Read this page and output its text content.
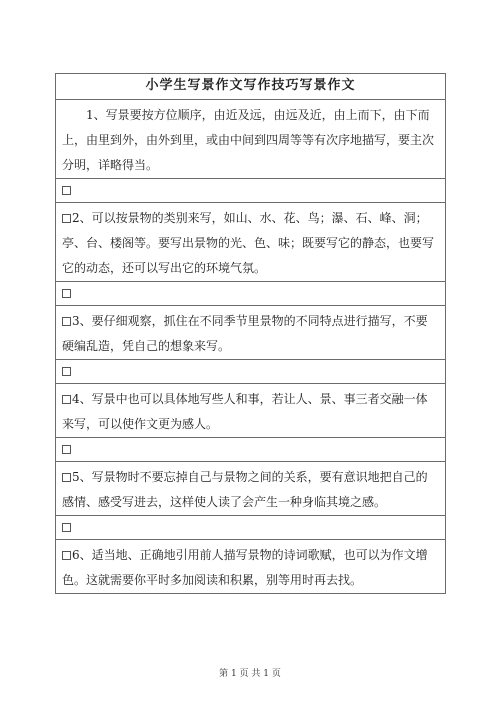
小学生写景作文写作技巧写景作文
1、写景要按方位顺序，由近及远，由远及近，由上而下，由下而上，由里到外，由外到里，或由中间到四周等等有次序地描写，要主次分明，详略得当。
2、可以按景物的类别来写，如山、水、花、鸟；瀑、石、峰、洞；亭、台、楼阁等。要写出景物的光、色、味；既要写它的静态，也要写它的动态，还可以写出它的环境气氛。
3、要仔细观察，抓住在不同季节里景物的不同特点进行描写，不要硬编乱造，凭自己的想象来写。
4、写景中也可以具体地写些人和事，若让人、景、事三者交融一体来写，可以使作文更为感人。
5、写景物时不要忘掉自己与景物之间的关系，要有意识地把自己的感情、感受写进去，这样使人读了会产生一种身临其境之感。
6、适当地、正确地引用前人描写景物的诗词歌赋，也可以为作文增色。这就需要你平时多加阅读和积累，别等用时再去找。
第 1 页 共 1 页
